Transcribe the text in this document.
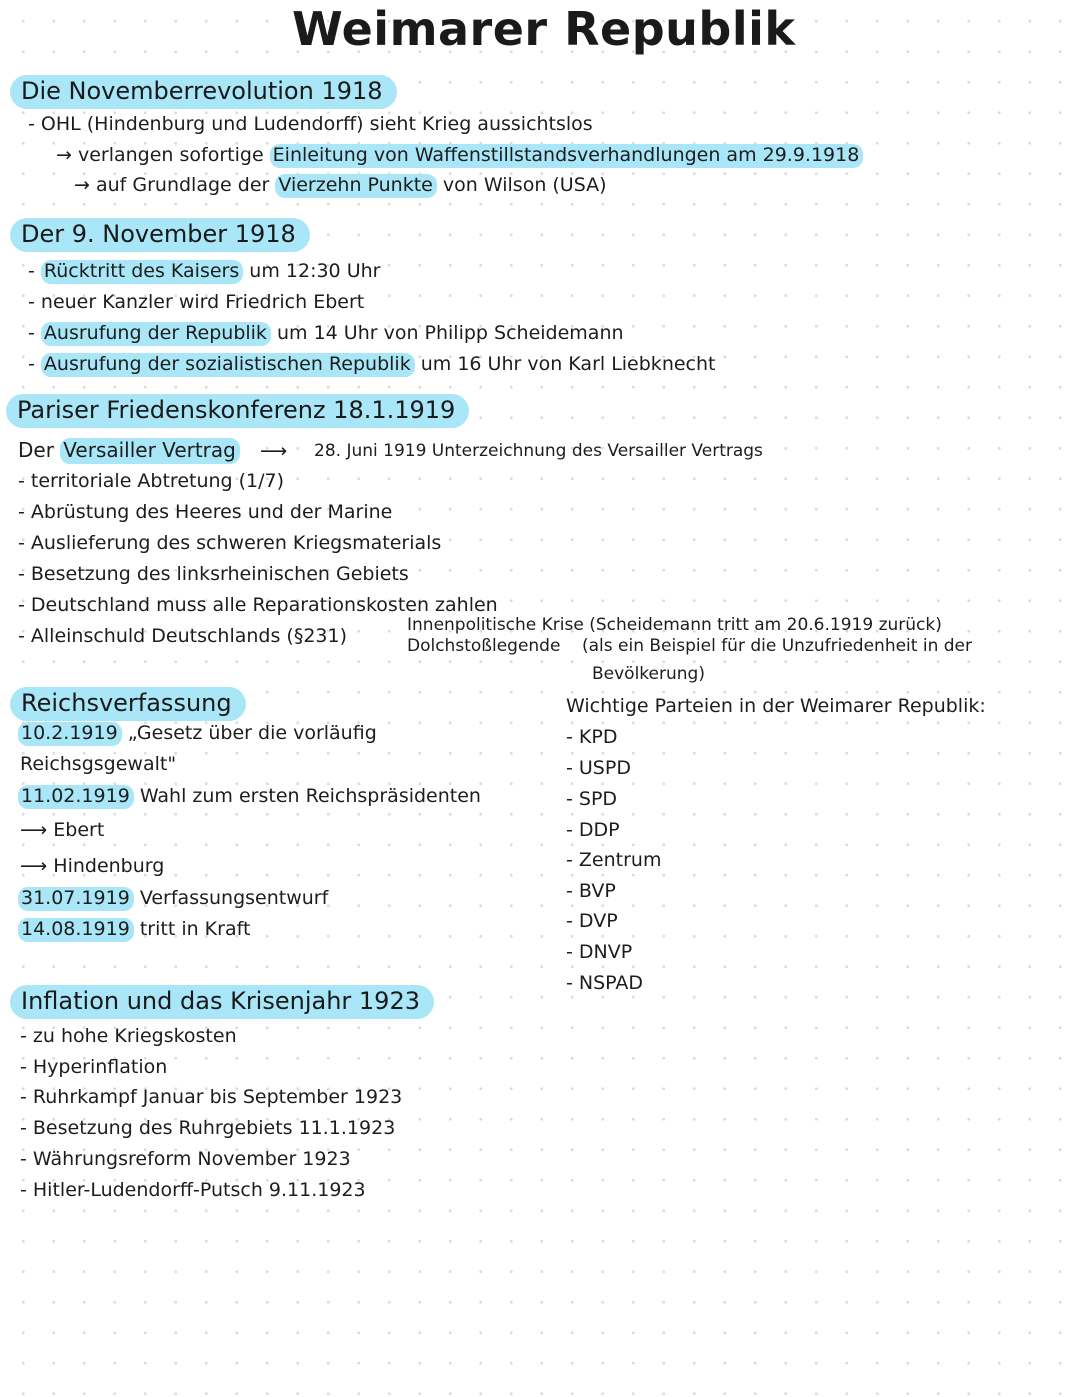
Weimarer Republik
Die Novemberrevolution 1918
- OHL (Hindenburg und Ludendorff) sieht Krieg aussichtslos
→ verlangen sofortige Einleitung von Waffenstillstandsverhandlungen am 29.9.1918
→ auf Grundlage der Vierzehn Punkte von Wilson (USA)
Der 9. November 1918
- Rücktritt des Kaisers um 12:30 Uhr
- neuer Kanzler wird Friedrich Ebert
- Ausrufung der Republik um 14 Uhr von Philipp Scheidemann
- Ausrufung der sozialistischen Republik um 16 Uhr von Karl Liebknecht
Pariser Friedenskonferenz 18.1.1919
Der Versailler Vertrag ⟶ 28. Juni 1919 Unterzeichnung des Versailler Vertrags
- territoriale Abtretung (1/7)
- Abrüstung des Heeres und der Marine
- Auslieferung des schweren Kriegsmaterials
- Besetzung des linksrheinischen Gebiets
- Deutschland muss alle Reparationskosten zahlen
- Alleinschuld Deutschlands (§231)	Innenpolitische Krise (Scheidemann tritt am 20.6.1919 zurück)
Dolchstoßlegende (als ein Beispiel für die Unzufriedenheit in der
Bevölkerung)
Reichsverfassung
10.2.1919 „Gesetz über die vorläufig
Reichsgsgewalt"
11.02.1919 Wahl zum ersten Reichspräsidenten
⟶ Ebert
⟶ Hindenburg
31.07.1919 Verfassungsentwurf
14.08.1919 tritt in Kraft
Wichtige Parteien in der Weimarer Republik:
- KPD
- USPD
- SPD
- DDP
- Zentrum
- BVP
- DVP
- DNVP
- NSPAD
Inflation und das Krisenjahr 1923
- zu hohe Kriegskosten
- Hyperinflation
- Ruhrkampf Januar bis September 1923
- Besetzung des Ruhrgebiets 11.1.1923
- Währungsreform November 1923
- Hitler-Ludendorff-Putsch 9.11.1923
